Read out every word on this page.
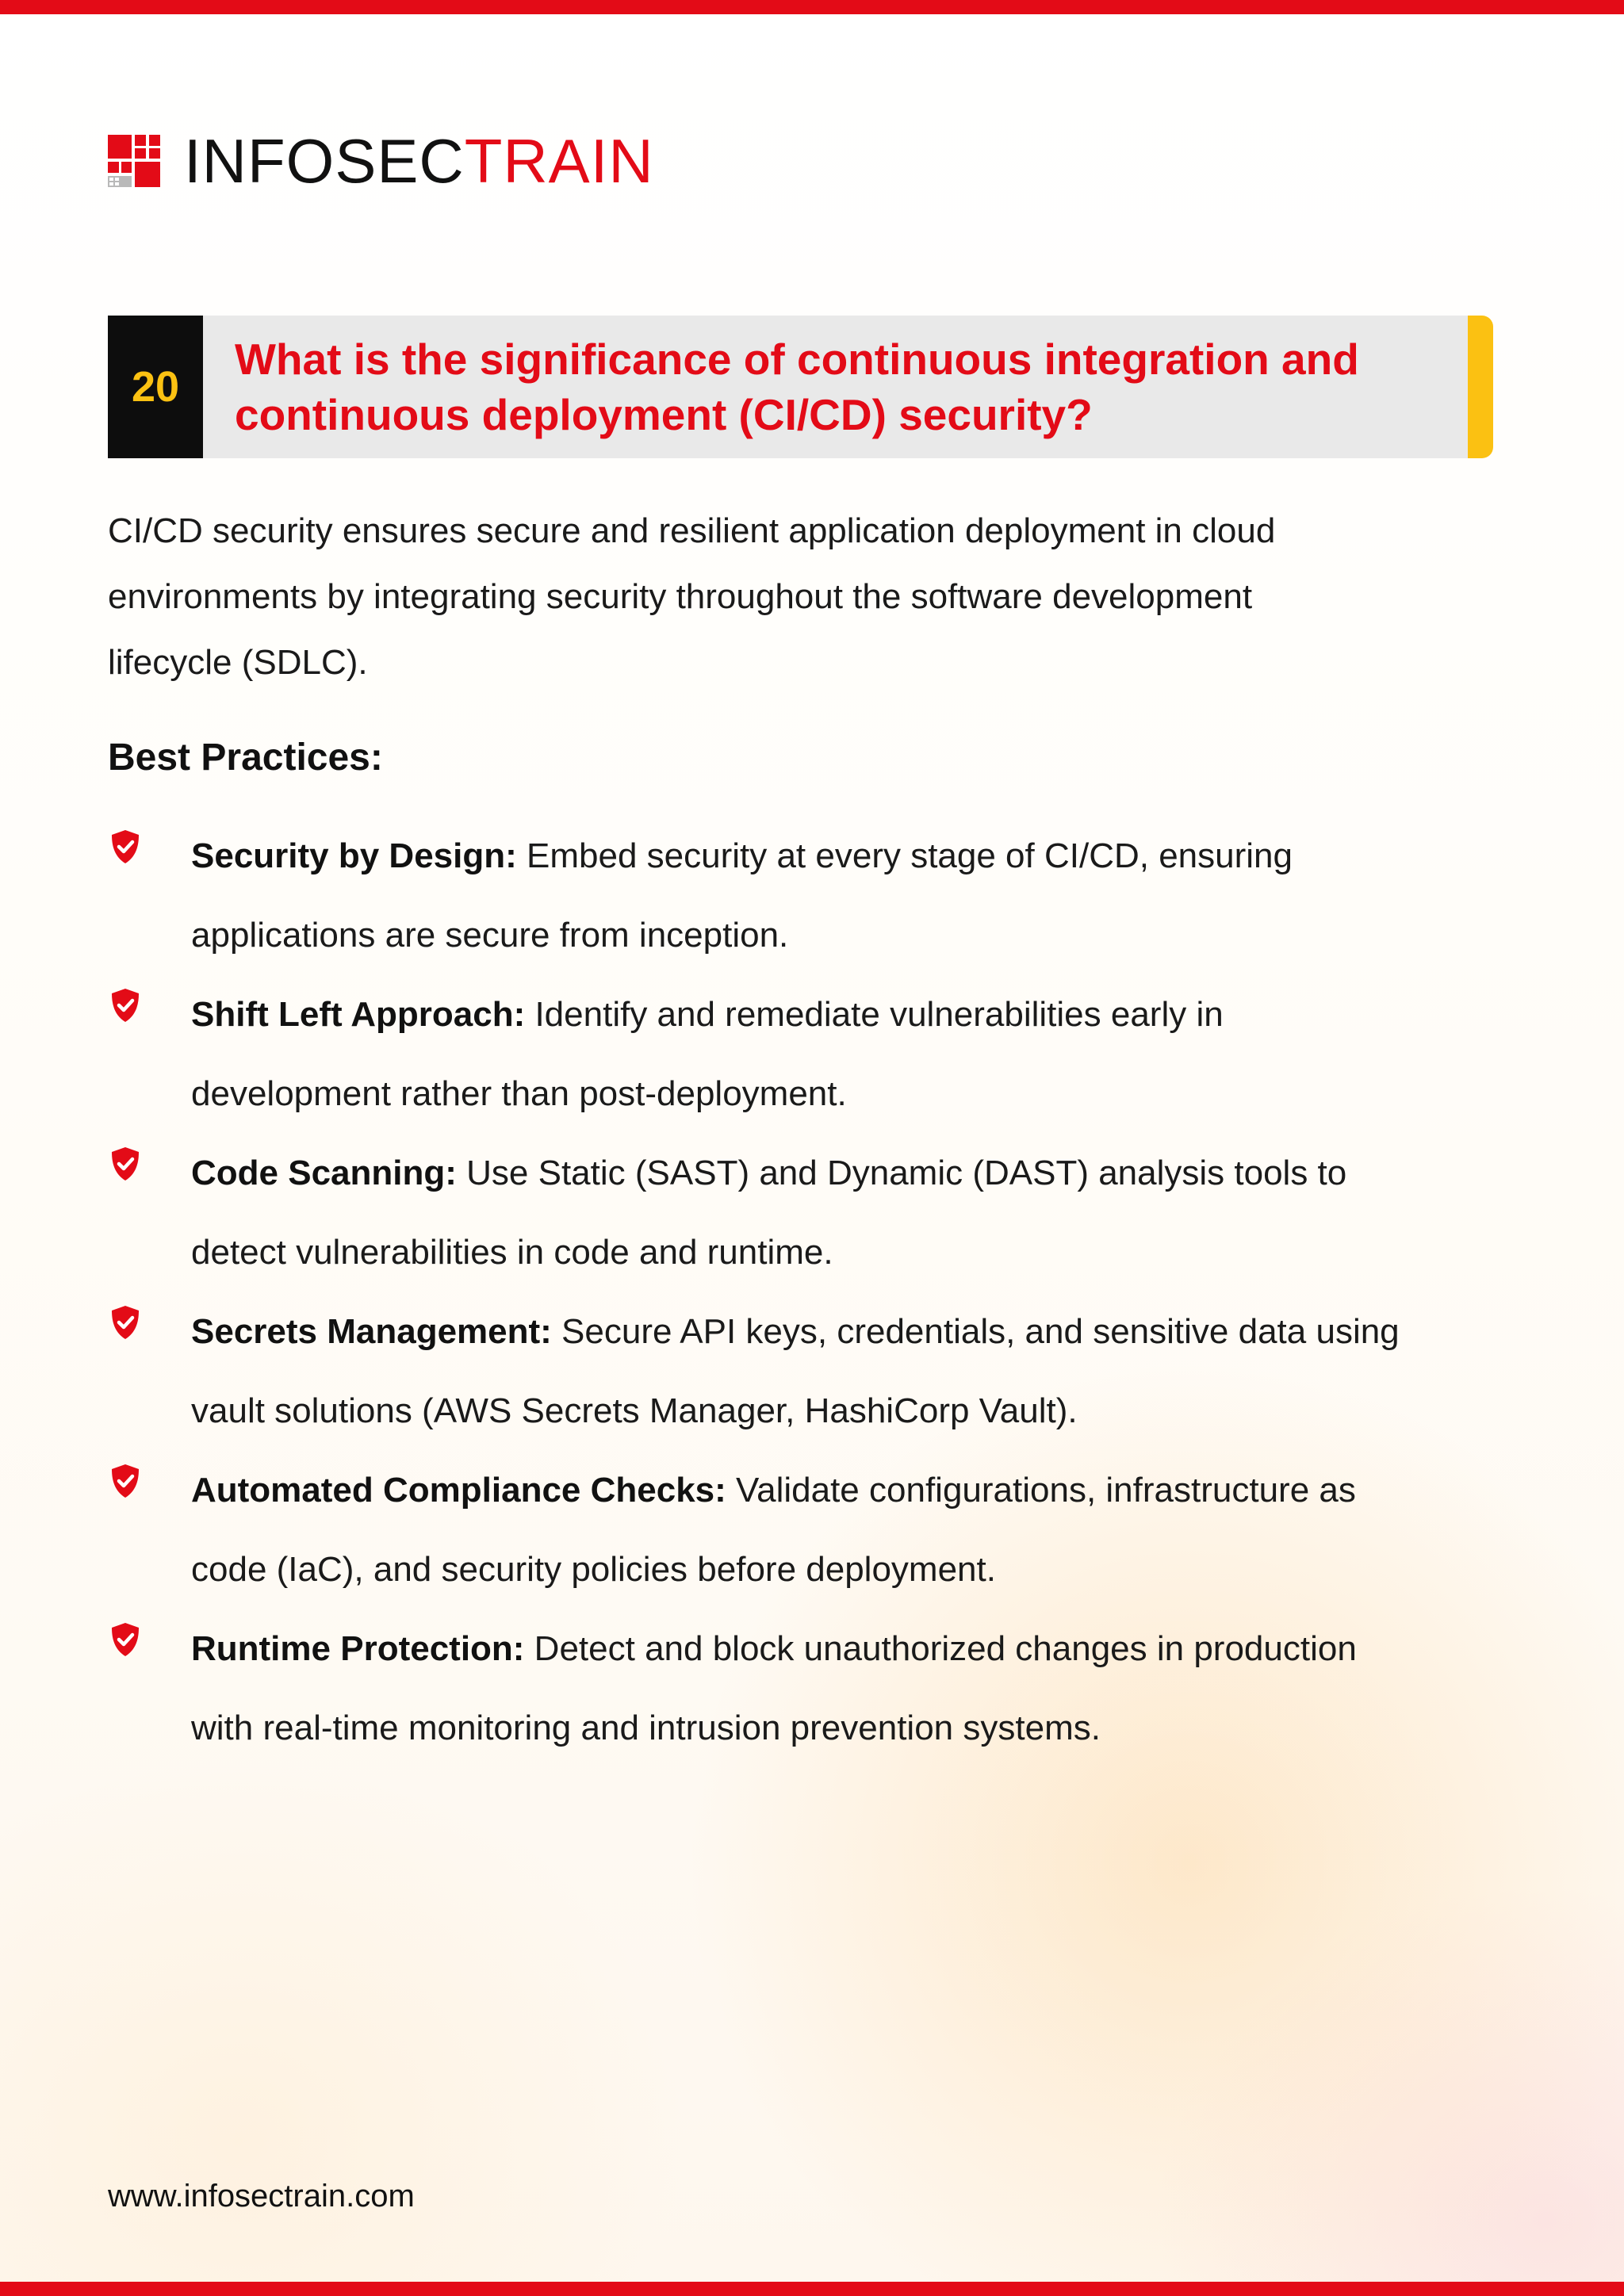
INFOSECTRAIN
20
What is the significance of continuous integration and
continuous deployment (CI/CD) security?
CI/CD security ensures secure and resilient application deployment in cloud
environments by integrating security throughout the software development
lifecycle (SDLC).
Best Practices:
Security by Design: Embed security at every stage of CI/CD, ensuring
applications are secure from inception.
Shift Left Approach: Identify and remediate vulnerabilities early in
development rather than post-deployment.
Code Scanning: Use Static (SAST) and Dynamic (DAST) analysis tools to
detect vulnerabilities in code and runtime.
Secrets Management: Secure API keys, credentials, and sensitive data using
vault solutions (AWS Secrets Manager, HashiCorp Vault).
Automated Compliance Checks: Validate configurations, infrastructure as
code (IaC), and security policies before deployment.
Runtime Protection: Detect and block unauthorized changes in production
with real-time monitoring and intrusion prevention systems.
www.infosectrain.com
